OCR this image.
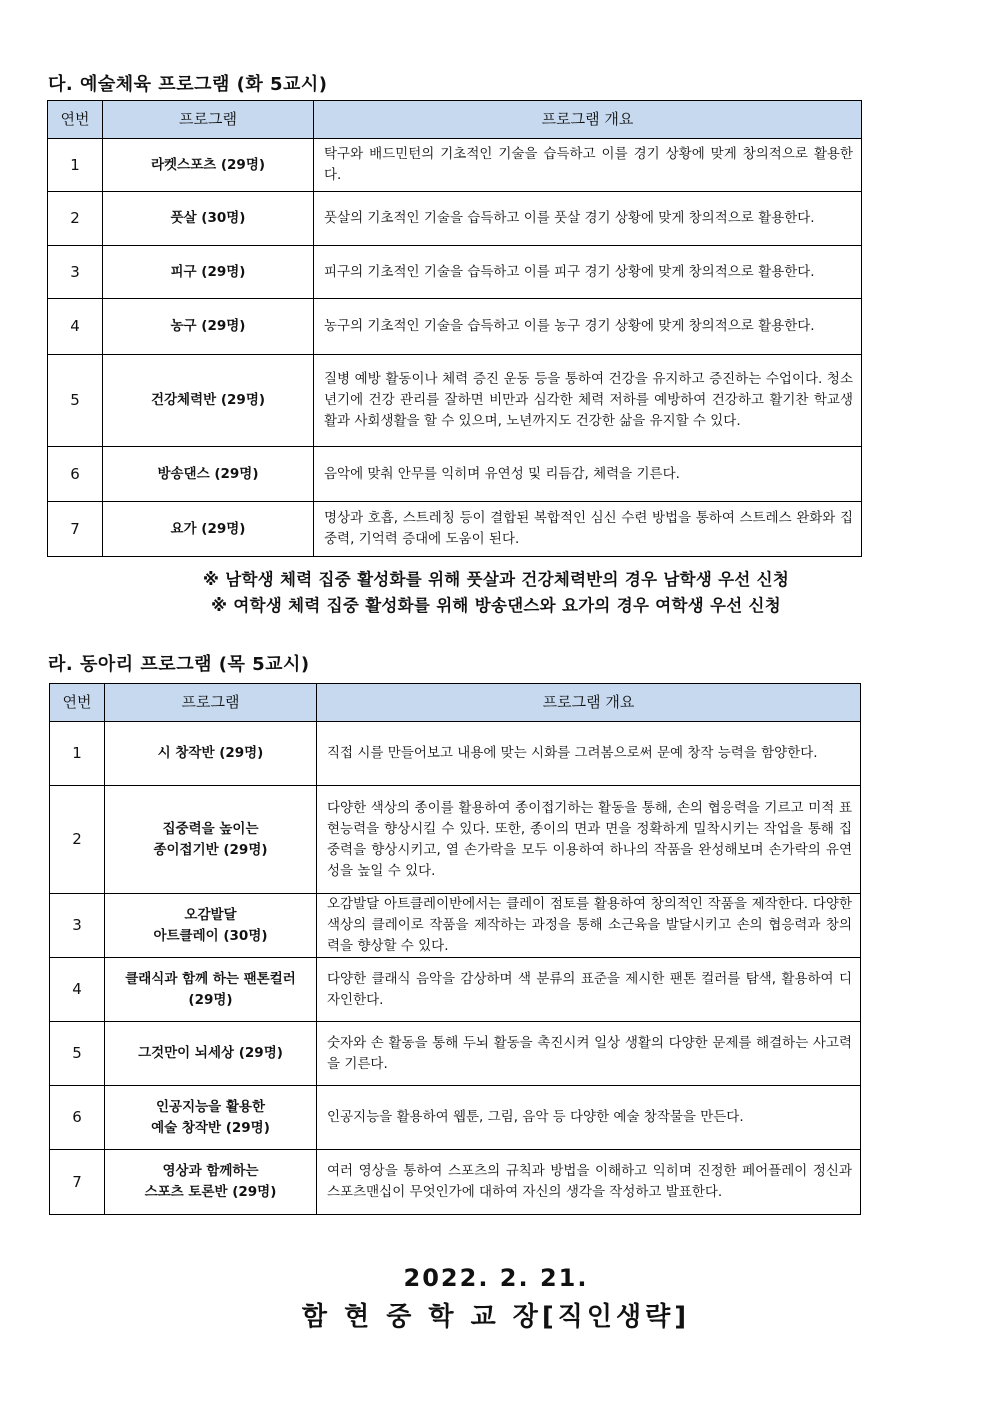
다. 예술체육 프로그램 (화 5교시)
연번	프로그램	프로그램 개요
1	라켓스포츠 (29명)	탁구와 배드민턴의 기초적인 기술을 습득하고 이를 경기 상황에 맞게 창의적으로 활용한다.
2	풋살 (30명)	풋살의 기초적인 기술을 습득하고 이를 풋살 경기 상황에 맞게 창의적으로 활용한다.
3	피구 (29명)	피구의 기초적인 기술을 습득하고 이를 피구 경기 상황에 맞게 창의적으로 활용한다.
4	농구 (29명)	농구의 기초적인 기술을 습득하고 이를 농구 경기 상황에 맞게 창의적으로 활용한다.
5	건강체력반 (29명)	질병 예방 활동이나 체력 증진 운동 등을 통하여 건강을 유지하고 증진하는 수업이다. 청소년기에 건강 관리를 잘하면 비만과 심각한 체력 저하를 예방하여 건강하고 활기찬 학교생활과 사회생활을 할 수 있으며, 노년까지도 건강한 삶을 유지할 수 있다.
6	방송댄스 (29명)	음악에 맞춰 안무를 익히며 유연성 및 리듬감, 체력을 기른다.
7	요가 (29명)	명상과 호흡, 스트레칭 등이 결합된 복합적인 심신 수련 방법을 통하여 스트레스 완화와 집중력, 기억력 증대에 도움이 된다.
※ 남학생 체력 집중 활성화를 위해 풋살과 건강체력반의 경우 남학생 우선 신청
※ 여학생 체력 집중 활성화를 위해 방송댄스와 요가의 경우 여학생 우선 신청
라. 동아리 프로그램 (목 5교시)
연번	프로그램	프로그램 개요
1	시 창작반 (29명)	직접 시를 만들어보고 내용에 맞는 시화를 그려봄으로써 문예 창작 능력을 함양한다.
2	집중력을 높이는
종이접기반 (29명)	다양한 색상의 종이를 활용하여 종이접기하는 활동을 통해, 손의 협응력을 기르고 미적 표현능력을 향상시킬 수 있다. 또한, 종이의 면과 면을 정확하게 밀착시키는 작업을 통해 집중력을 향상시키고, 열 손가락을 모두 이용하여 하나의 작품을 완성해보며 손가락의 유연성을 높일 수 있다.
3	오감발달
아트클레이 (30명)	오감발달 아트클레이반에서는 클레이 점토를 활용하여 창의적인 작품을 제작한다. 다양한 색상의 클레이로 작품을 제작하는 과정을 통해 소근육을 발달시키고 손의 협응력과 창의력을 향상할 수 있다.
4	클래식과 함께 하는 팬톤컬러
(29명)	다양한 클래식 음악을 감상하며 색 분류의 표준을 제시한 팬톤 컬러를 탐색, 활용하여 디자인한다.
5	그것만이 뇌세상 (29명)	숫자와 손 활동을 통해 두뇌 활동을 촉진시켜 일상 생활의 다양한 문제를 해결하는 사고력을 기른다.
6	인공지능을 활용한
예술 창작반 (29명)	인공지능을 활용하여 웹툰, 그림, 음악 등 다양한 예술 창작물을 만든다.
7	영상과 함께하는
스포츠 토론반 (29명)	여러 영상을 통하여 스포츠의 규칙과 방법을 이해하고 익히며 진정한 페어플레이 정신과 스포츠맨십이 무엇인가에 대하여 자신의 생각을 작성하고 발표한다.
2022. 2. 21.
함 현 중 학 교 장[직인생략]
